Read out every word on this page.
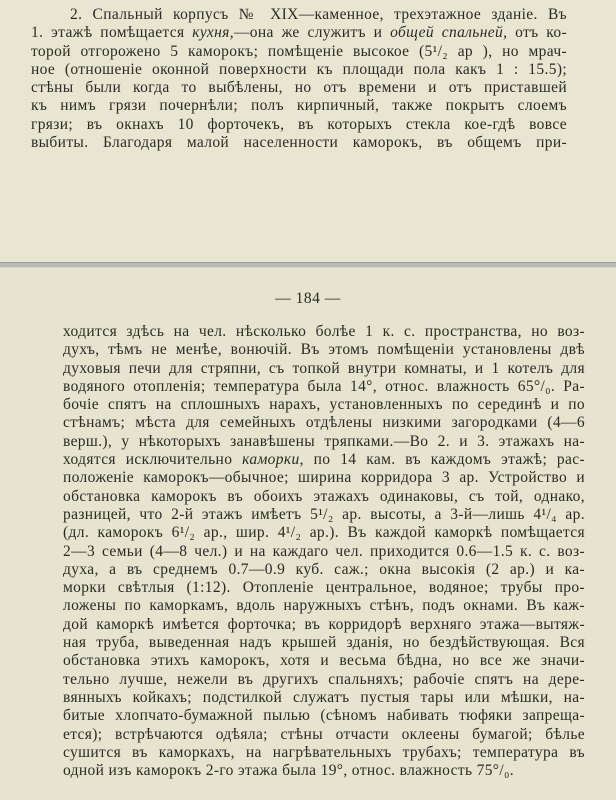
2. Спальный корпусъ № XIX—каменное, трехэтажное зданіе. Въ
1. этажѣ помѣщается кухня,—она же служитъ и общей спальней, отъ ко-
торой отгорожено 5 каморокъ; помѣщеніе высокое (5¹/₂ ар ), но мрач-
ное (отношеніе оконной поверхности къ площади пола какъ 1 : 15.5);
стѣны были когда то выбѣлены, но отъ времени и отъ приставшей
къ нимъ грязи почернѣли; полъ кирпичный, также покрытъ слоемъ
грязи; въ окнахъ 10 форточекъ, въ которыхъ стекла кое-гдѣ вовсе
выбиты. Благодаря малой населенности каморокъ, въ общемъ при-
— 184 —
ходится здѣсь на чел. нѣсколько болѣе 1 к. с. пространства, но воз-
духъ, тѣмъ не менѣе, вонючій. Въ этомъ помѣщеніи установлены двѣ
духовыя печи для стряпни, съ топкой внутри комнаты, и 1 котелъ для
водяного отопленія; температура была 14°, относ. влажность 65°/₀. Ра-
бочіе спятъ на сплошныхъ нарахъ, установленныхъ по серединѣ и по
стѣнамъ; мѣста для семейныхъ отдѣлены низкими загородками (4—6
верш.), у нѣкоторыхъ занавѣшены тряпками.—Во 2. и 3. этажахъ на-
ходятся исключительно каморки, по 14 кам. въ каждомъ этажѣ; рас-
положеніе каморокъ—обычное; ширина корридора 3 ар. Устройство и
обстановка каморокъ въ обоихъ этажахъ одинаковы, съ той, однако,
разницей, что 2-й этажъ имѣетъ 5¹/₂ ар. высоты, а 3-й—лишь 4¹/₄ ар.
(дл. каморокъ 6¹/₂ ар., шир. 4¹/₂ ар.). Въ каждой каморкѣ помѣщается
2—3 семьи (4—8 чел.) и на каждаго чел. приходится 0.6—1.5 к. с. воз-
духа, а въ среднемъ 0.7—0.9 куб. саж.; окна высокія (2 ар.) и ка-
морки свѣтлыя (1:12). Отопленіе центральное, водяное; трубы про-
ложены по каморкамъ, вдоль наружныхъ стѣнъ, подъ окнами. Въ каж-
дой каморкѣ имѣется форточка; въ корридорѣ верхняго этажа—вытяж-
ная труба, выведенная надъ крышей зданія, но бездѣйствующая. Вся
обстановка этихъ каморокъ, хотя и весьма бѣдна, но все же значи-
тельно лучше, нежели въ другихъ спальняхъ; рабочіе спятъ на дере-
вянныхъ койкахъ; подстилкой служатъ пустыя тары или мѣшки, на-
битые хлопчато-бумажной пылью (сѣномъ набивать тюфяки запреща-
ется); встрѣчаются одѣяла; стѣны отчасти оклеены бумагой; бѣлье
сушится въ каморкахъ, на нагрѣвательныхъ трубахъ; температура въ
одной изъ каморокъ 2-го этажа была 19°, относ. влажность 75°/₀.
